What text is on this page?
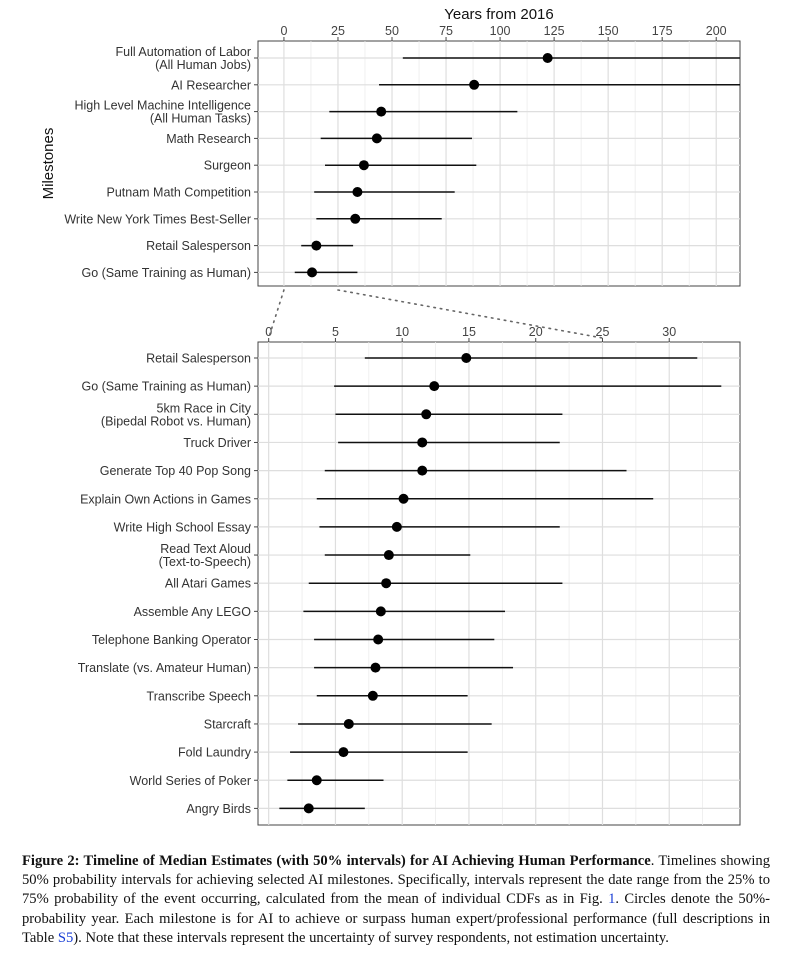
0	25	50	75	100	125	150	175	200
Full Automation of Labor
(All Human Jobs)
AI Researcher
High Level Machine Intelligence
(All Human Tasks)
Math Research
Surgeon
Putnam Math Competition
Write New York Times Best-Seller
Retail Salesperson
Go (Same Training as Human)
Years from 2016
Milestones
0	5	10	15	20	25	30
Retail Salesperson
Go (Same Training as Human)
5km Race in City
(Bipedal Robot vs. Human)
Truck Driver
Generate Top 40 Pop Song
Explain Own Actions in Games
Write High School Essay
Read Text Aloud
(Text-to-Speech)
All Atari Games
Assemble Any LEGO
Telephone Banking Operator
Translate (vs. Amateur Human)
Transcribe Speech
Starcraft
Fold Laundry
World Series of Poker
Angry Birds
Figure 2: Timeline of Median Estimates (with 50% intervals) for AI Achieving Human Performance. Timelines showing 50% probability intervals for achieving selected AI milestones. Specifically, intervals represent the date range from the 25% to 75% probability of the event occurring, calculated from the mean of individual CDFs as in Fig. 1. Circles denote the 50%-probability year. Each milestone is for AI to achieve or surpass human expert/professional performance (full descriptions in Table S5). Note that these intervals represent the uncertainty of survey respondents, not estimation uncertainty.
